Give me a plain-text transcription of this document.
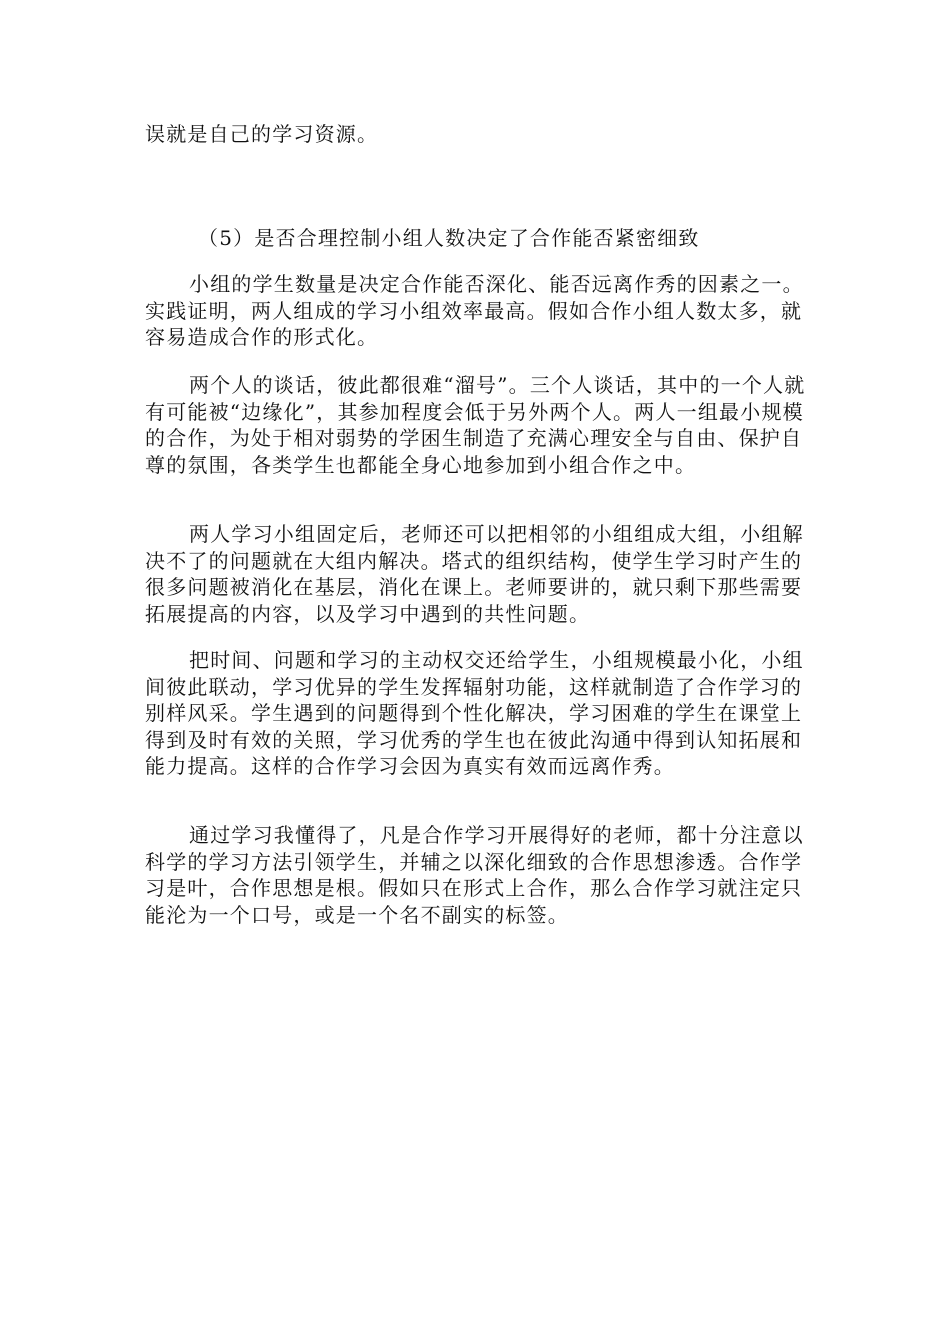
误就是自己的学习资源。

（5）是否合理控制小组人数决定了合作能否紧密细致

小组的学生数量是决定合作能否深化、能否远离作秀的因素之一。实践证明，两人组成的学习小组效率最高。假如合作小组人数太多，就容易造成合作的形式化。

两个人的谈话，彼此都很难“溜号”。三个人谈话，其中的一个人就有可能被“边缘化”，其参加程度会低于另外两个人。两人一组最小规模的合作，为处于相对弱势的学困生制造了充满心理安全与自由、保护自尊的氛围，各类学生也都能全身心地参加到小组合作之中。

两人学习小组固定后，老师还可以把相邻的小组组成大组，小组解决不了的问题就在大组内解决。塔式的组织结构，使学生学习时产生的很多问题被消化在基层，消化在课上。老师要讲的，就只剩下那些需要拓展提高的内容，以及学习中遇到的共性问题。

把时间、问题和学习的主动权交还给学生，小组规模最小化，小组间彼此联动，学习优异的学生发挥辐射功能，这样就制造了合作学习的别样风采。学生遇到的问题得到个性化解决，学习困难的学生在课堂上得到及时有效的关照，学习优秀的学生也在彼此沟通中得到认知拓展和能力提高。这样的合作学习会因为真实有效而远离作秀。

通过学习我懂得了，凡是合作学习开展得好的老师，都十分注意以科学的学习方法引领学生，并辅之以深化细致的合作思想渗透。合作学习是叶，合作思想是根。假如只在形式上合作，那么合作学习就注定只能沦为一个口号，或是一个名不副实的标签。
